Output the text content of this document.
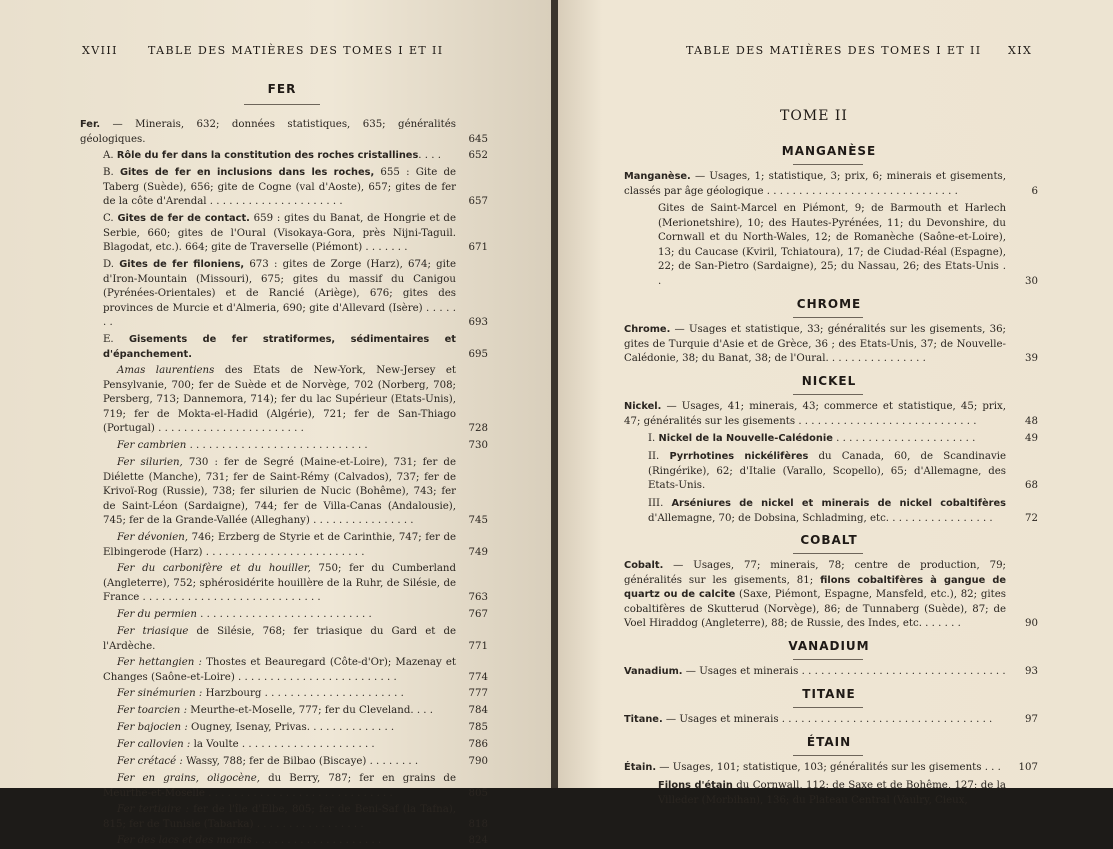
XVIII	TABLE DES MATIÈRES DES TOMES I ET II
FER
Fer. — Minerais, 632; données statistiques, 635; généralités géologiques.	645
A. Rôle du fer dans la constitution des roches cristallines. . . .	652
B. Gites de fer en inclusions dans les roches, 655 : Gite de Taberg (Suède), 656; gite de Cogne (val d'Aoste), 657; gites de fer de la côte d'Arendal . . . . . . . . . . . . . . . . . . . . .	657
C. Gites de fer de contact. 659 : gites du Banat, de Hongrie et de Serbie, 660; gites de l'Oural (Visokaya-Gora, près Nijni-Taguil. Blagodat, etc.). 664; gite de Traverselle (Piémont) . . . . . . .	671
D. Gites de fer filoniens, 673 : gites de Zorge (Harz), 674; gite d'Iron-Mountain (Missouri), 675; gites du massif du Canigou (Pyrénées-Orientales) et de Rancié (Ariège), 676; gites des provinces de Murcie et d'Almeria, 690; gite d'Allevard (Isère) . . . . . . .	693
E. Gisements de fer stratiformes, sédimentaires et d'épanchement.	695
Amas laurentiens des Etats de New-York, New-Jersey et Pensylvanie, 700; fer de Suède et de Norvège, 702 (Norberg, 708; Persberg, 713; Dannemora, 714); fer du lac Supérieur (Etats-Unis), 719; fer de Mokta-el-Hadid (Algérie), 721; fer de San-Thiago (Portugal) . . . . . . . . . . . . . . . . . . . . . . .	728
Fer cambrien . . . . . . . . . . . . . . . . . . . . . . . . . . . .	730
Fer silurien, 730 : fer de Segré (Maine-et-Loire), 731; fer de Diélette (Manche), 731; fer de Saint-Rémy (Calvados), 737; fer de Krivoï-Rog (Russie), 738; fer silurien de Nucic (Bohême), 743; fer de Saint-Léon (Sardaigne), 744; fer de Villa-Canas (Andalousie), 745; fer de la Grande-Vallée (Alleghany) . . . . . . . . . . . . . . . .	745
Fer dévonien, 746; Erzberg de Styrie et de Carinthie, 747; fer de Elbingerode (Harz) . . . . . . . . . . . . . . . . . . . . . . . . .	749
Fer du carbonifère et du houiller, 750; fer du Cumberland (Angleterre), 752; sphérosidérite houillère de la Ruhr, de Silésie, de France . . . . . . . . . . . . . . . . . . . . . . . . . . . .	763
Fer du permien . . . . . . . . . . . . . . . . . . . . . . . . . . .	767
Fer triasique de Silésie, 768; fer triasique du Gard et de l'Ardèche.	771
Fer hettangien : Thostes et Beauregard (Côte-d'Or); Mazenay et Changes (Saône-et-Loire) . . . . . . . . . . . . . . . . . . . . . . . . .	774
Fer sinémurien : Harzbourg . . . . . . . . . . . . . . . . . . . . . .	777
Fer toarcien : Meurthe-et-Moselle, 777; fer du Cleveland. . . .	784
Fer bajocien : Ougney, Isenay, Privas. . . . . . . . . . . . . .	785
Fer callovien : la Voulte . . . . . . . . . . . . . . . . . . . . .	786
Fer crétacé : Wassy, 788; fer de Bilbao (Biscaye) . . . . . . . .	790
Fer en grains, oligocène, du Berry, 787; fer en grains de Meurthe-et-Moselle . . . . . . . . . . . . . . . . . . . . . . . . . . . . .	805
Fer tertiaire : fer de l'île d'Elbe, 805; fer de Beni-Saf (la Tafna), 815; fer de Tunisie (Tabarka) . . . . . . . . . . . . . . . . .	818
Fer des lacs et des marais . . . . . . . . . . . . . . . . . . . .	824
TABLE DES MATIÈRES DES TOMES I ET II XIX
TOME II
MANGANÈSE
Manganèse. — Usages, 1; statistique, 3; prix, 6; minerais et gisements, classés par âge géologique . . . . . . . . . . . . . . . . . . . . . . . . . . . . . .	6
Gites de Saint-Marcel en Piémont, 9; de Barmouth et Harlech (Merionetshire), 10; des Hautes-Pyrénées, 11; du Devonshire, du Cornwall et du North-Wales, 12; de Romanèche (Saône-et-Loire), 13; du Caucase (Kviril, Tchiatoura), 17; de Ciudad-Réal (Espagne), 22; de San-Pietro (Sardaigne), 25; du Nassau, 26; des Etats-Unis . .	30
CHROME
Chrome. — Usages et statistique, 33; généralités sur les gisements, 36; gites de Turquie d'Asie et de Grèce, 36 ; des Etats-Unis, 37; de Nouvelle-Calédonie, 38; du Banat, 38; de l'Oural. . . . . . . . . . . . . . . .	39
NICKEL
Nickel. — Usages, 41; minerais, 43; commerce et statistique, 45; prix, 47; généralités sur les gisements . . . . . . . . . . . . . . . . . . . . . . . . . . . .	48
I. Nickel de la Nouvelle-Calédonie . . . . . . . . . . . . . . . . . . . . . .	49
II. Pyrrhotines nickélifères du Canada, 60, de Scandinavie (Ringérike), 62; d'Italie (Varallo, Scopello), 65; d'Allemagne, des Etats-Unis.	68
III. Arséniures de nickel et minerais de nickel cobaltifères d'Allemagne, 70; de Dobsina, Schladming, etc. . . . . . . . . . . . . . . . .	72
COBALT
Cobalt. — Usages, 77; minerais, 78; centre de production, 79; généralités sur les gisements, 81; filons cobaltifères à gangue de quartz ou de calcite (Saxe, Piémont, Espagne, Mansfeld, etc.), 82; gites cobaltifères de Skutterud (Norvège), 86; de Tunnaberg (Suède), 87; de Voel Hiraddog (Angleterre), 88; de Russie, des Indes, etc. . . . . . .	90
VANADIUM
Vanadium. — Usages et minerais . . . . . . . . . . . . . . . . . . . . . . . . . . . . . . . .	93
TITANE
Titane. — Usages et minerais . . . . . . . . . . . . . . . . . . . . . . . . . . . . . . . . .	97
ÉTAIN
Étain. — Usages, 101; statistique, 103; généralités sur les gisements . . .	107
Filons d'étain du Cornwall, 112; de Saxe et de Bohême, 127; de la Villeder (Morbihan), 136; du Plateau Central (Vaulry, Cieux,
